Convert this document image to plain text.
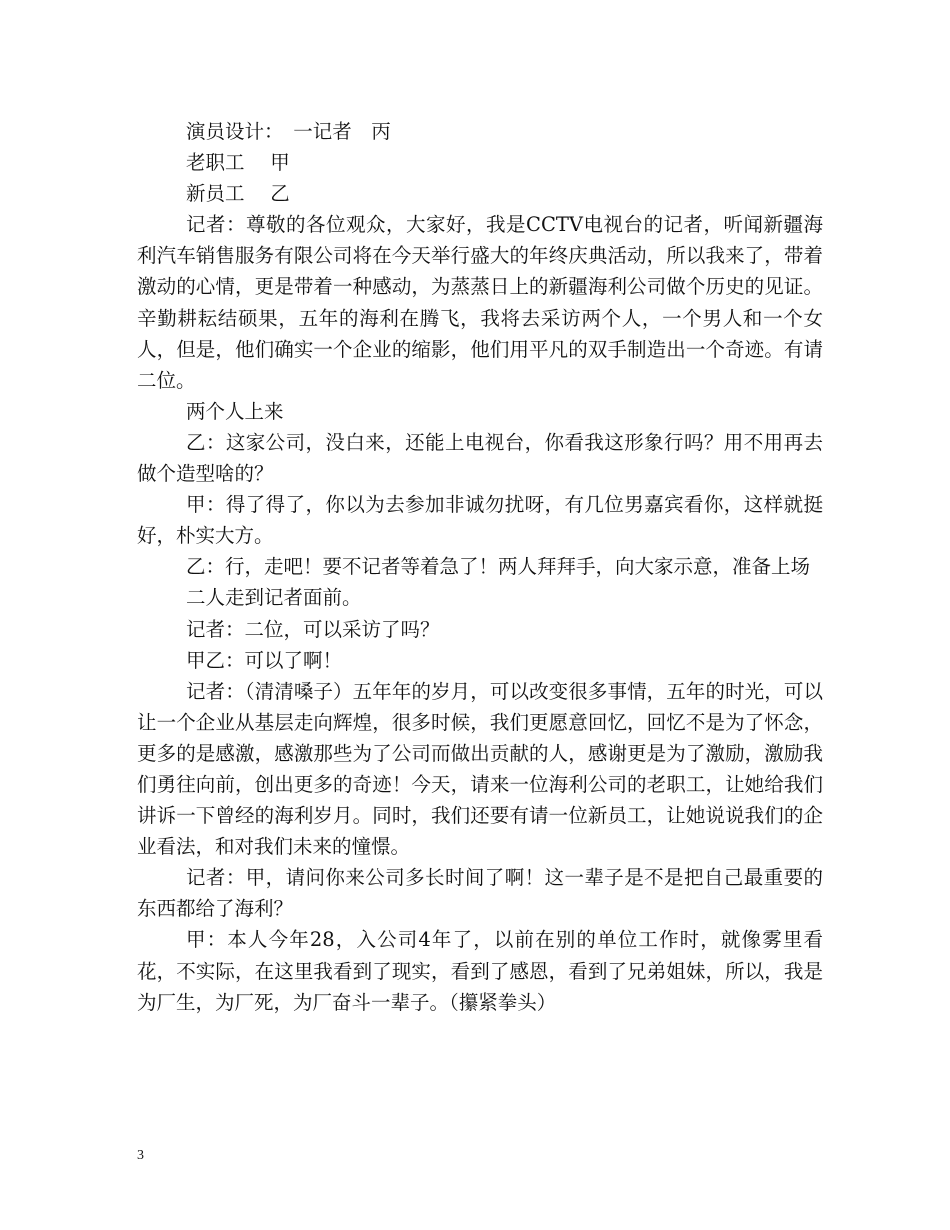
演员设计：　一记者　丙

老职工　 甲

新员工　 乙

记者：尊敬的各位观众，大家好，我是CCTV电视台的记者，听闻新疆海利汽车销售服务有限公司将在今天举行盛大的年终庆典活动，所以我来了，带着激动的心情，更是带着一种感动，为蒸蒸日上的新疆海利公司做个历史的见证。辛勤耕耘结硕果，五年的海利在腾飞，我将去采访两个人，一个男人和一个女人，但是，他们确实一个企业的缩影，他们用平凡的双手制造出一个奇迹。有请二位。

两个人上来

乙：这家公司，没白来，还能上电视台，你看我这形象行吗？用不用再去做个造型啥的？

甲：得了得了，你以为去参加非诚勿扰呀，有几位男嘉宾看你，这样就挺好，朴实大方。

乙：行，走吧！要不记者等着急了！两人拜拜手，向大家示意，准备上场

二人走到记者面前。

记者：二位，可以采访了吗？

甲乙：可以了啊！

记者：（清清嗓子）五年年的岁月，可以改变很多事情，五年的时光，可以让一个企业从基层走向辉煌，很多时候，我们更愿意回忆，回忆不是为了怀念，更多的是感激，感激那些为了公司而做出贡献的人，感谢更是为了激励，激励我们勇往向前，创出更多的奇迹！今天，请来一位海利公司的老职工，让她给我们讲诉一下曾经的海利岁月。同时，我们还要有请一位新员工，让她说说我们的企业看法，和对我们未来的憧憬。

记者：甲，请问你来公司多长时间了啊！这一辈子是不是把自己最重要的东西都给了海利？

甲：本人今年28，入公司4年了，以前在别的单位工作时，就像雾里看花，不实际，在这里我看到了现实，看到了感恩，看到了兄弟姐妹，所以，我是为厂生，为厂死，为厂奋斗一辈子。（攥紧拳头）

3
